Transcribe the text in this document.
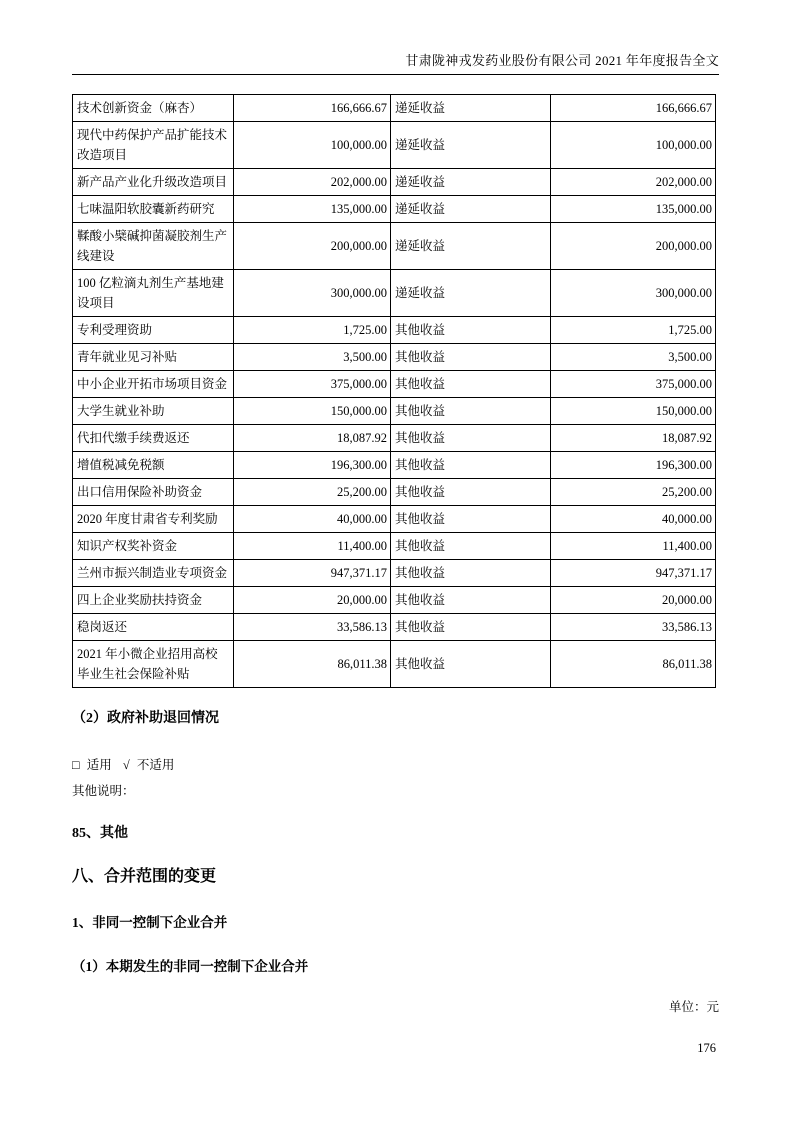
甘肃陇神戎发药业股份有限公司 2021 年年度报告全文
技术创新资金（麻杏）	166,666.67	递延收益	166,666.67
现代中药保护产品扩能技术改造项目	100,000.00	递延收益	100,000.00
新产品产业化升级改造项目	202,000.00	递延收益	202,000.00
七味温阳软胶囊新药研究	135,000.00	递延收益	135,000.00
鞣酸小檗碱抑菌凝胶剂生产线建设	200,000.00	递延收益	200,000.00
100 亿粒滴丸剂生产基地建设项目	300,000.00	递延收益	300,000.00
专利受理资助	1,725.00	其他收益	1,725.00
青年就业见习补贴	3,500.00	其他收益	3,500.00
中小企业开拓市场项目资金	375,000.00	其他收益	375,000.00
大学生就业补助	150,000.00	其他收益	150,000.00
代扣代缴手续费返还	18,087.92	其他收益	18,087.92
增值税减免税额	196,300.00	其他收益	196,300.00
出口信用保险补助资金	25,200.00	其他收益	25,200.00
2020 年度甘肃省专利奖励	40,000.00	其他收益	40,000.00
知识产权奖补资金	11,400.00	其他收益	11,400.00
兰州市振兴制造业专项资金	947,371.17	其他收益	947,371.17
四上企业奖励扶持资金	20,000.00	其他收益	20,000.00
稳岗返还	33,586.13	其他收益	33,586.13
2021 年小微企业招用高校毕业生社会保险补贴	86,011.38	其他收益	86,011.38
（2）政府补助退回情况
□ 适用 √ 不适用
其他说明：
85、其他
八、合并范围的变更
1、非同一控制下企业合并
（1）本期发生的非同一控制下企业合并
单位：元
176
